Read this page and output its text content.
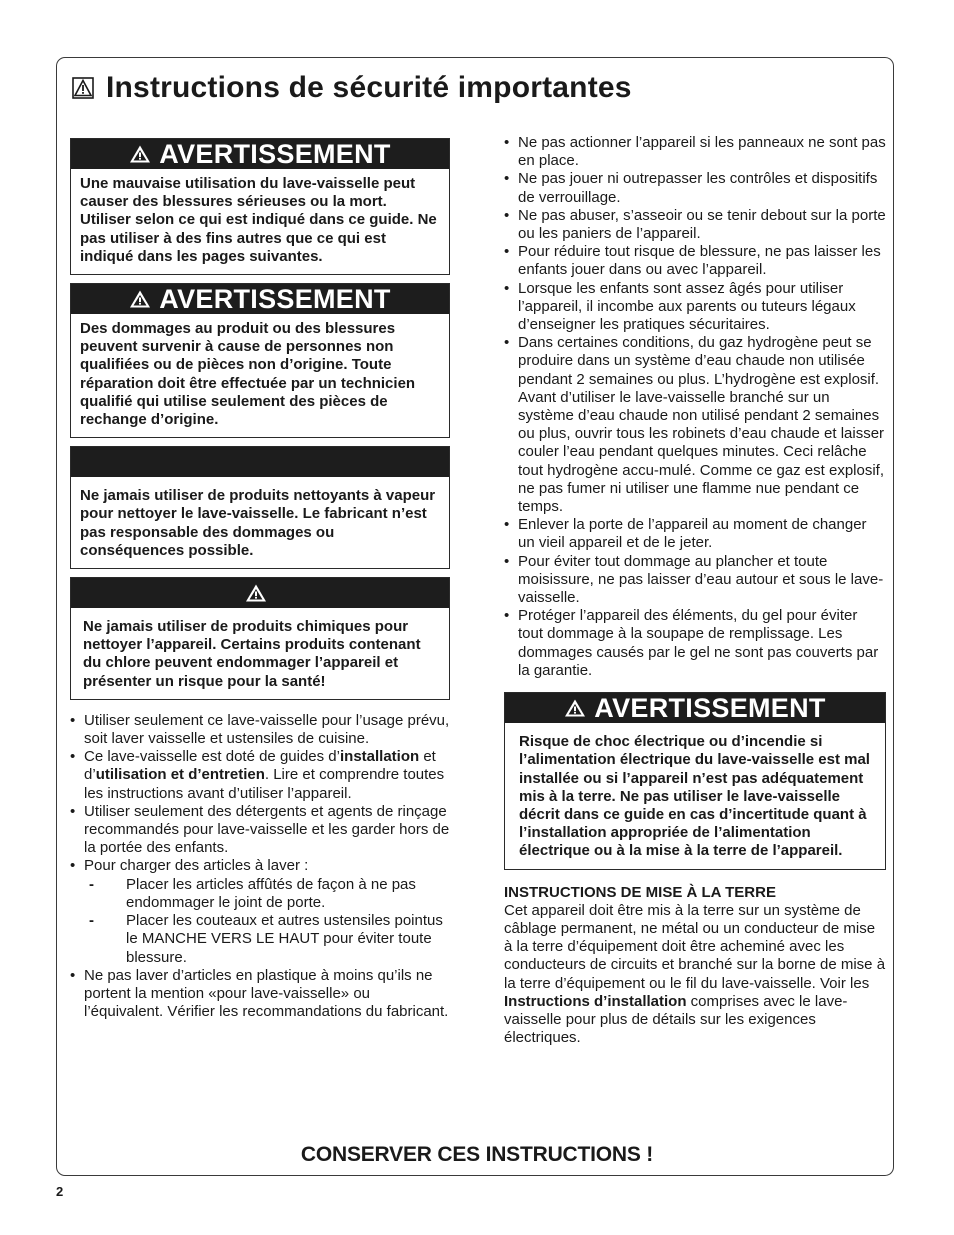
Instructions de sécurité importantes
AVERTISSEMENT
Une mauvaise utilisation du lave-vaisselle peut causer des blessures sérieuses ou la mort. Utiliser selon ce qui est indiqué dans ce guide. Ne pas utiliser à des fins autres que ce qui est indiqué dans les pages suivantes.
AVERTISSEMENT
Des dommages au produit ou des blessures peuvent survenir à cause de personnes non qualifiées ou de pièces non d’origine. Toute réparation doit être effectuée par un technicien qualifié qui utilise seulement des pièces de rechange d’origine.
Ne jamais utiliser de produits nettoyants à vapeur pour nettoyer le lave-vaisselle. Le fabricant n’est pas responsable des dommages ou conséquences possible.
Ne jamais utiliser de produits chimiques pour nettoyer l’appareil. Certains produits contenant du chlore peuvent endommager l’appareil et présenter un risque pour la santé!
• Utiliser seulement ce lave-vaisselle pour l’usage prévu, soit laver vaisselle et ustensiles de cuisine.
• Ce lave-vaisselle est doté de guides d’installation et d’utilisation et d’entretien. Lire et comprendre toutes les instructions avant d’utiliser l’appareil.
• Utiliser seulement des détergents et agents de rinçage recommandés pour lave-vaisselle et les garder hors de la portée des enfants.
• Pour charger des articles à laver :
- Placer les articles affûtés de façon à ne pas endommager le joint de porte.
- Placer les couteaux et autres ustensiles pointus le MANCHE VERS LE HAUT pour éviter toute blessure.
• Ne pas laver d’articles en plastique à moins qu’ils ne portent la mention «pour lave-vaisselle» ou l’équivalent. Vérifier les recommandations du fabricant.
• Ne pas actionner l’appareil si les panneaux ne sont pas en place.
• Ne pas jouer ni outrepasser les contrôles et dispositifs de verrouillage.
• Ne pas abuser, s’asseoir ou se tenir debout sur la porte ou les paniers de l’appareil.
• Pour réduire tout risque de blessure, ne pas laisser les enfants jouer dans ou avec l’appareil.
• Lorsque les enfants sont assez âgés pour utiliser l’appareil, il incombe aux parents ou tuteurs légaux d’enseigner les pratiques sécuritaires.
• Dans certaines conditions, du gaz hydrogène peut se produire dans un système d’eau chaude non utilisée pendant 2 semaines ou plus. L’hydrogène est explosif. Avant d’utiliser le lave-vaisselle branché sur un système d’eau chaude non utilisé pendant 2 semaines ou plus, ouvrir tous les robinets d’eau chaude et laisser couler l’eau pendant quelques minutes. Ceci relâche tout hydrogène accu-mulé. Comme ce gaz est explosif, ne pas fumer ni utiliser une flamme nue pendant ce temps.
• Enlever la porte de l’appareil au moment de changer un vieil appareil et de le jeter.
• Pour éviter tout dommage au plancher et toute moisissure, ne pas laisser d’eau autour et sous le lave-vaisselle.
• Protéger l’appareil des éléments, du gel pour éviter tout dommage à la soupape de remplissage. Les dommages causés par le gel ne sont pas couverts par la garantie.
AVERTISSEMENT
Risque de choc électrique ou d’incendie si l’alimentation électrique du lave-vaisselle est mal installée ou si l’appareil n’est pas adéquatement mis à la terre. Ne pas utiliser le lave-vaisselle décrit dans ce guide en cas d’incertitude quant à l’installation appropriée de l’alimentation électrique ou à la mise à la terre de l’appareil.
INSTRUCTIONS DE MISE À LA TERRE
Cet appareil doit être mis à la terre sur un système de câblage permanent, ne métal ou un conducteur de mise à la terre d’équipement doit être acheminé avec les conducteurs de circuits et branché sur la borne de mise à la terre d’équipement ou le fil du lave-vaisselle. Voir les Instructions d’installation comprises avec le lave-vaisselle pour plus de détails sur les exigences électriques.
CONSERVER CES INSTRUCTIONS !
2
